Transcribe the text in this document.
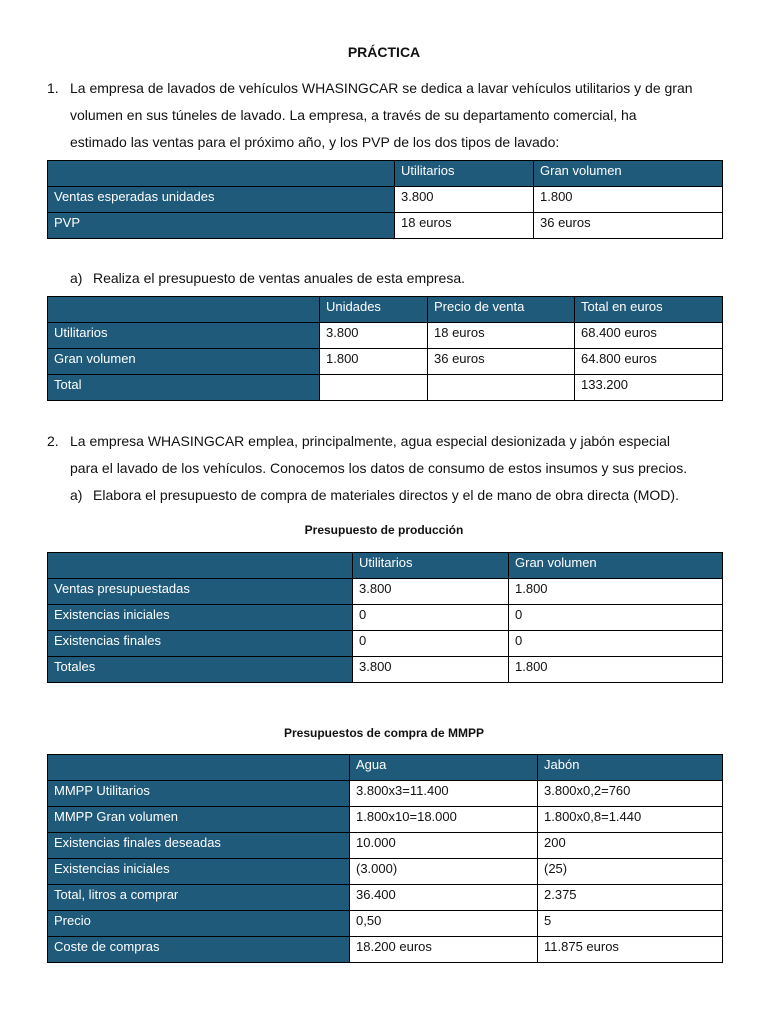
PRÁCTICA
1. La empresa de lavados de vehículos WHASINGCAR se dedica a lavar vehículos utilitarios y de gran
volumen en sus túneles de lavado. La empresa, a través de su departamento comercial, ha
estimado las ventas para el próximo año, y los PVP de los dos tipos de lavado:
	Utilitarios	Gran volumen
Ventas esperadas unidades	3.800	1.800
PVP	18 euros	36 euros
a) Realiza el presupuesto de ventas anuales de esta empresa.
	Unidades	Precio de venta	Total en euros
Utilitarios	3.800	18 euros	68.400 euros
Gran volumen	1.800	36 euros	64.800 euros
Total			133.200
2. La empresa WHASINGCAR emplea, principalmente, agua especial desionizada y jabón especial
para el lavado de los vehículos. Conocemos los datos de consumo de estos insumos y sus precios.
a) Elabora el presupuesto de compra de materiales directos y el de mano de obra directa (MOD).
Presupuesto de producción
	Utilitarios	Gran volumen
Ventas presupuestadas	3.800	1.800
Existencias iniciales	0	0
Existencias finales	0	0
Totales	3.800	1.800
Presupuestos de compra de MMPP
	Agua	Jabón
MMPP Utilitarios	3.800x3=11.400	3.800x0,2=760
MMPP Gran volumen	1.800x10=18.000	1.800x0,8=1.440
Existencias finales deseadas	10.000	200
Existencias iniciales	(3.000)	(25)
Total, litros a comprar	36.400	2.375
Precio	0,50	5
Coste de compras	18.200 euros	11.875 euros
